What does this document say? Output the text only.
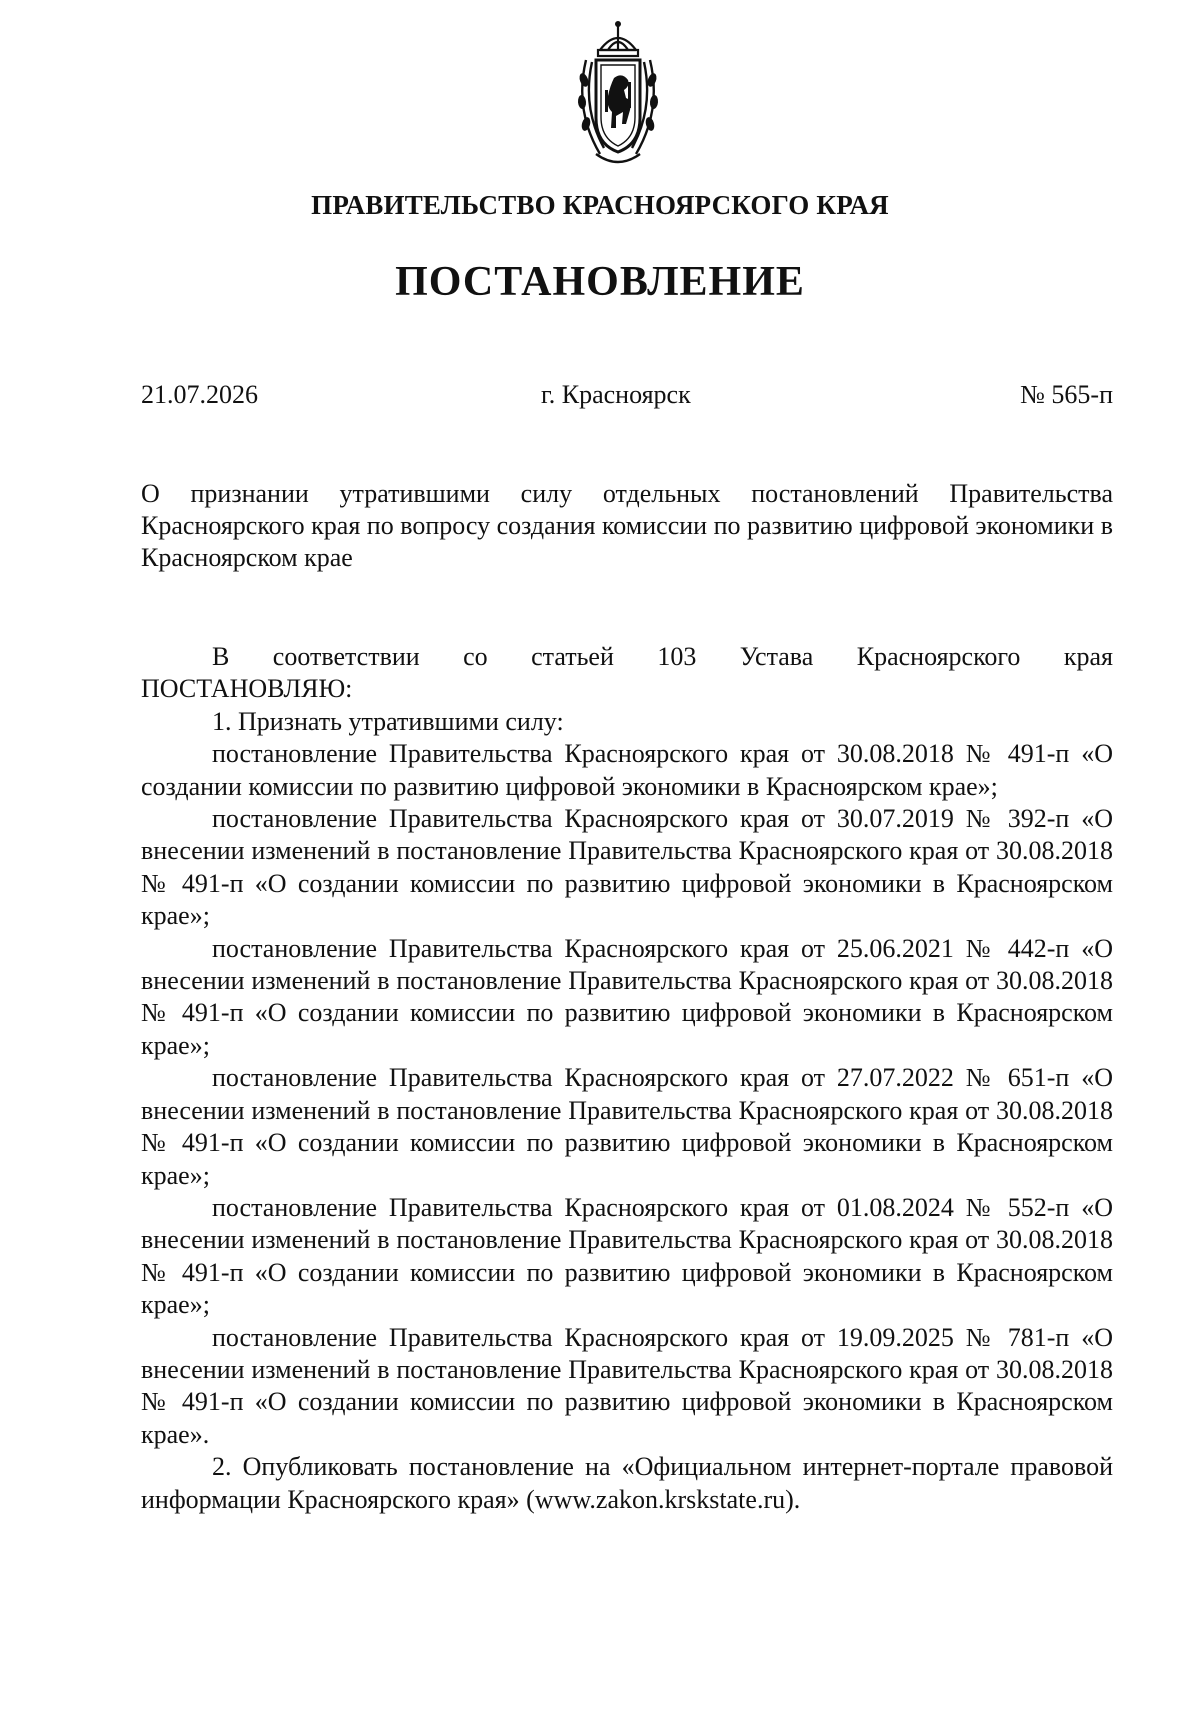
ПРАВИТЕЛЬСТВО КРАСНОЯРСКОГО КРАЯ
ПОСТАНОВЛЕНИЕ
21.07.2026	г. Красноярск	№ 565-п
О признании утратившими силу отдельных постановлений Правительства Красноярского края по вопросу создания комиссии по развитию цифровой экономики в Красноярском крае
В соответствии со статьей 103 Устава Красноярского края

ПОСТАНОВЛЯЮ:

1. Признать утратившими силу:

постановление Правительства Красноярского края от 30.08.2018 № 491-п «О создании комиссии по развитию цифровой экономики в Красноярском крае»;

постановление Правительства Красноярского края от 30.07.2019 № 392-п «О внесении изменений в постановление Правительства Красноярского края от 30.08.2018 № 491-п «О создании комиссии по развитию цифровой экономики в Красноярском крае»;

постановление Правительства Красноярского края от 25.06.2021 № 442-п «О внесении изменений в постановление Правительства Красноярского края от 30.08.2018 № 491-п «О создании комиссии по развитию цифровой экономики в Красноярском крае»;

постановление Правительства Красноярского края от 27.07.2022 № 651-п «О внесении изменений в постановление Правительства Красноярского края от 30.08.2018 № 491-п «О создании комиссии по развитию цифровой экономики в Красноярском крае»;

постановление Правительства Красноярского края от 01.08.2024 № 552-п «О внесении изменений в постановление Правительства Красноярского края от 30.08.2018 № 491-п «О создании комиссии по развитию цифровой экономики в Красноярском крае»;

постановление Правительства Красноярского края от 19.09.2025 № 781-п «О внесении изменений в постановление Правительства Красноярского края от 30.08.2018 № 491-п «О создании комиссии по развитию цифровой экономики в Красноярском крае».

2. Опубликовать постановление на «Официальном интернет-портале правовой информации Красноярского края» (www.zakon.krskstate.ru).
